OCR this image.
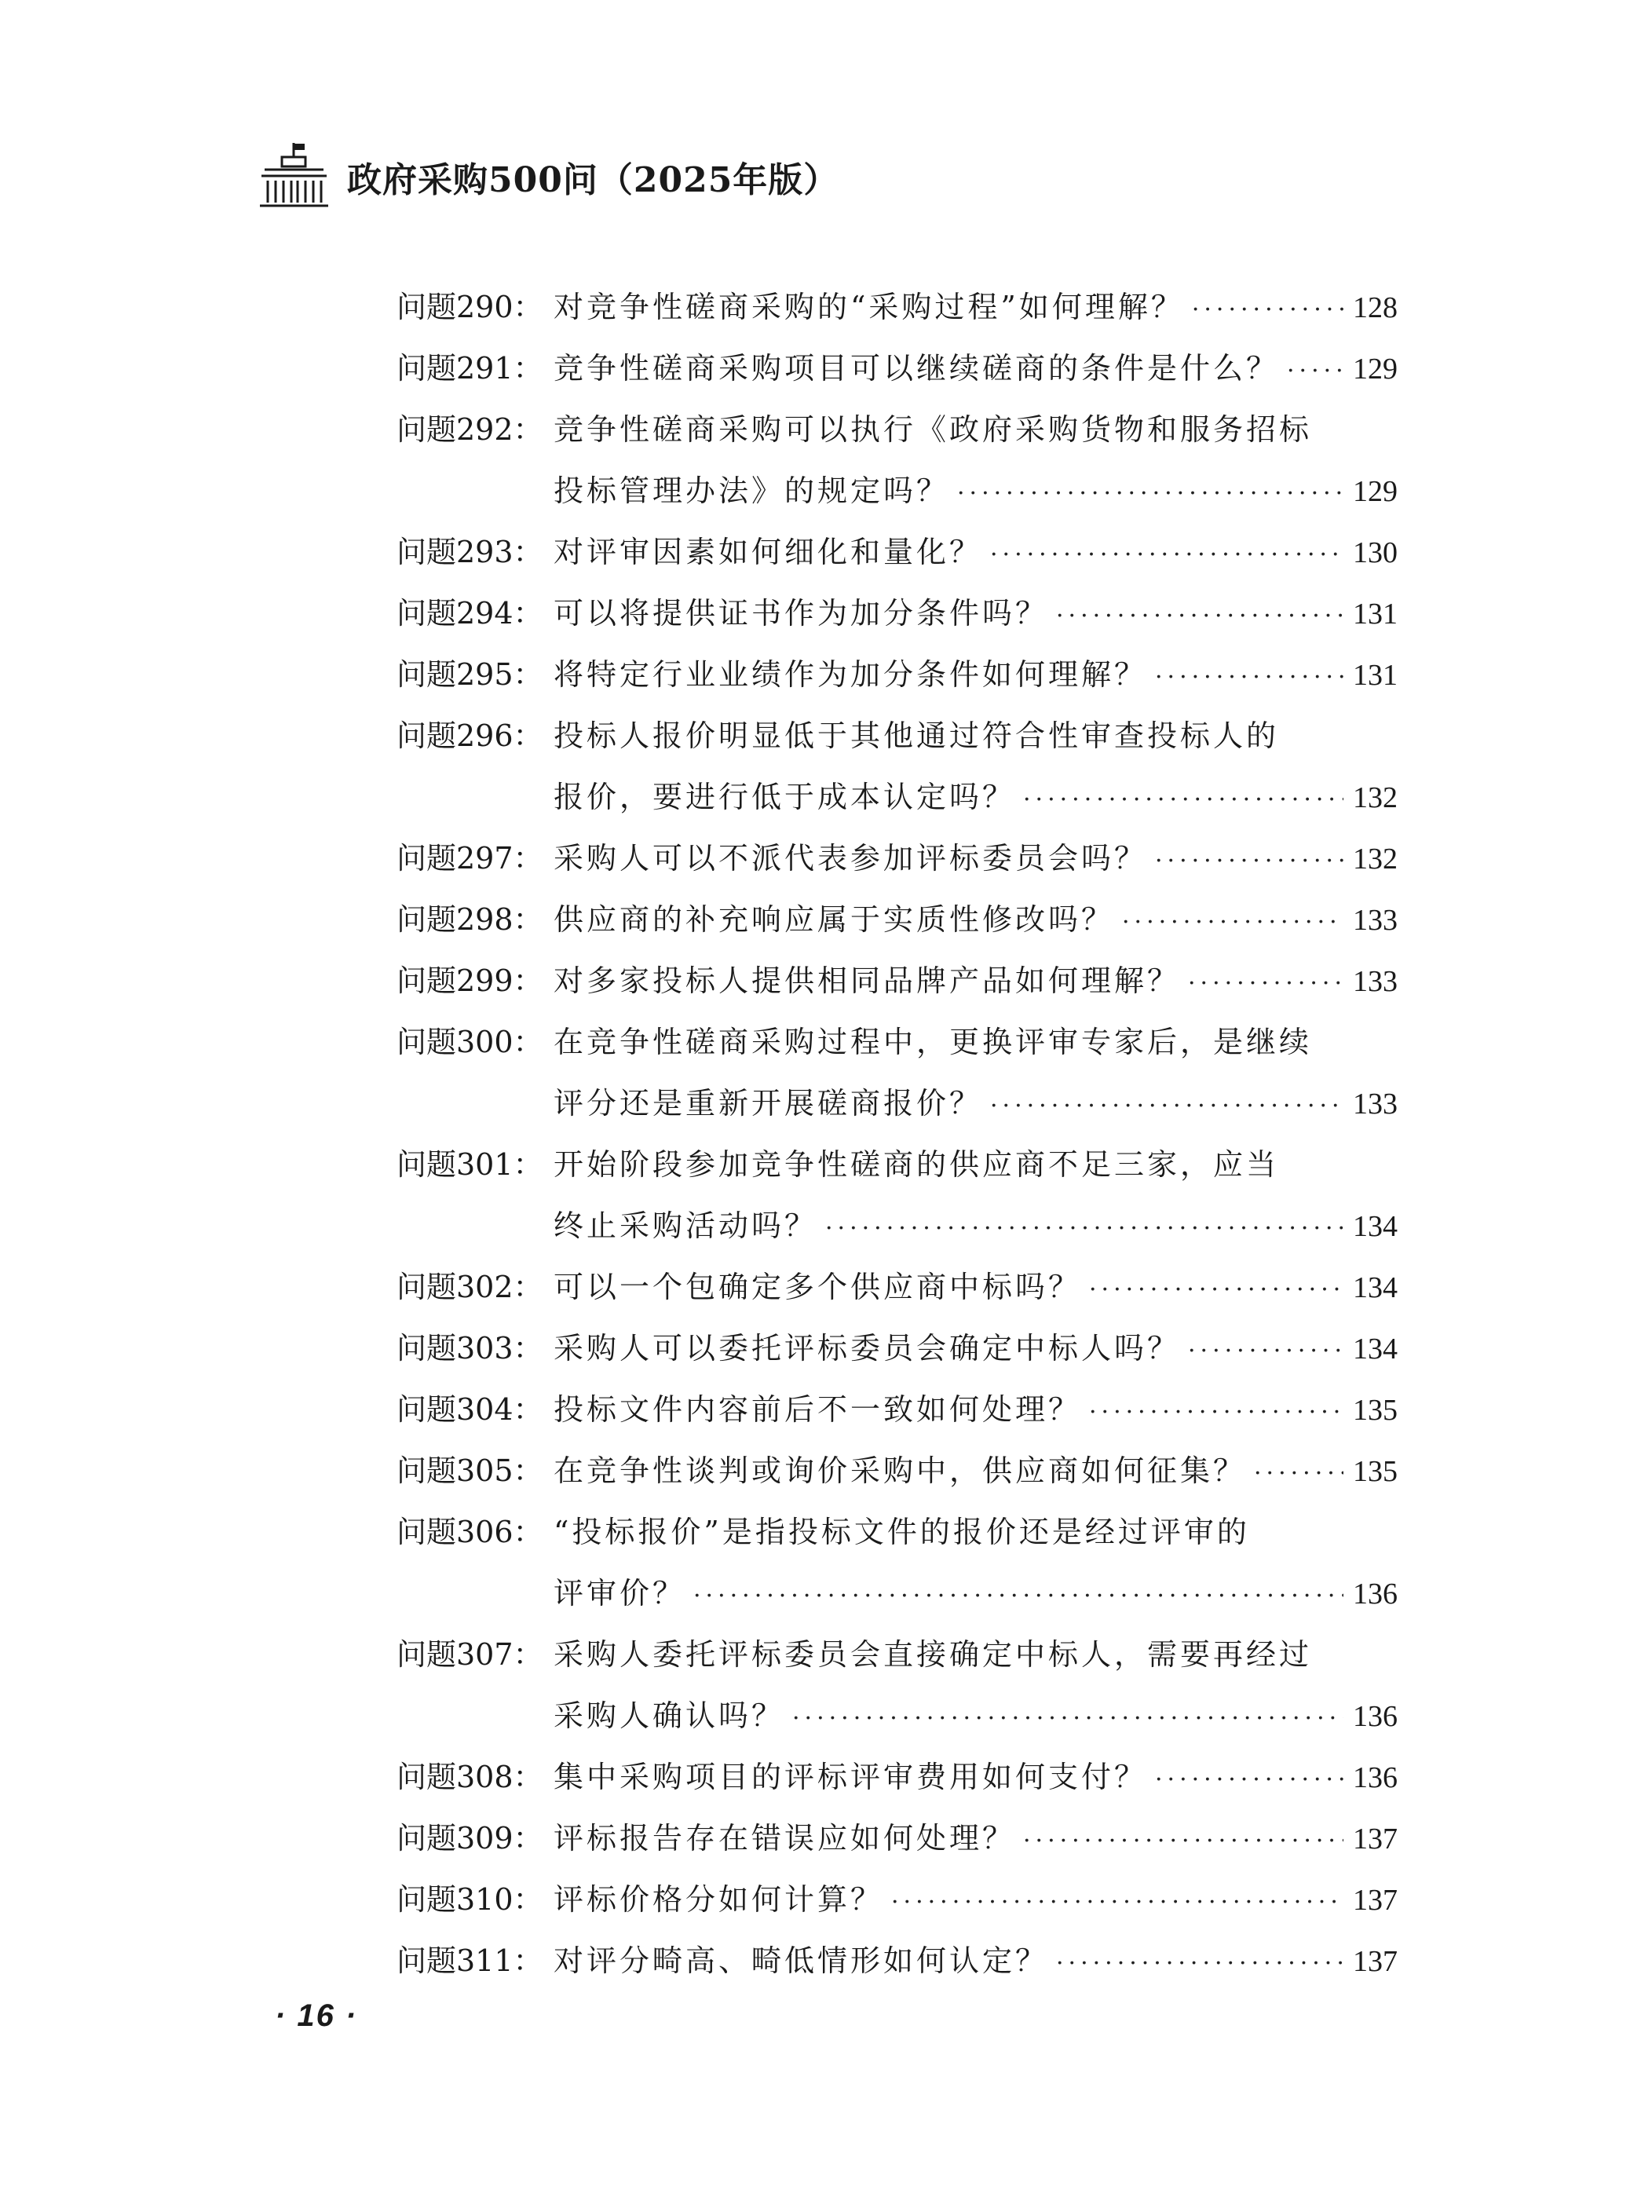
政府采购500问（2025年版）
问题290： 对竞争性磋商采购的“采购过程”如何理解？ ·····	128
问题291： 竞争性磋商采购项目可以继续磋商的条件是什么？ ····· 129
问题292： 竞争性磋商采购可以执行《政府采购货物和服务招标
投标管理办法》的规定吗？ ·····	129
问题293： 对评审因素如何细化和量化？ ·····	130
问题294： 可以将提供证书作为加分条件吗？ ·····	131
问题295： 将特定行业业绩作为加分条件如何理解？ ·····	131
问题296： 投标人报价明显低于其他通过符合性审查投标人的
报价，要进行低于成本认定吗？ ·····	132
问题297： 采购人可以不派代表参加评标委员会吗？ ·····	132
问题298： 供应商的补充响应属于实质性修改吗？ ·····	133
问题299： 对多家投标人提供相同品牌产品如何理解？ ·····	133
问题300： 在竞争性磋商采购过程中，更换评审专家后，是继续
评分还是重新开展磋商报价？ ·····	133
问题301： 开始阶段参加竞争性磋商的供应商不足三家，应当
终止采购活动吗？ ·····	134
问题302： 可以一个包确定多个供应商中标吗？ ·····	134
问题303： 采购人可以委托评标委员会确定中标人吗？ ·····	134
问题304： 投标文件内容前后不一致如何处理？ ·····	135
问题305： 在竞争性谈判或询价采购中，供应商如何征集？ ·····	135
问题306： “投标报价”是指投标文件的报价还是经过评审的
评审价？ ·····	136
问题307： 采购人委托评标委员会直接确定中标人，需要再经过
采购人确认吗？ ·····	136
问题308： 集中采购项目的评标评审费用如何支付？ ·····	136
问题309： 评标报告存在错误应如何处理？ ·····	137
问题310： 评标价格分如何计算？ ·····	137
问题311： 对评分畸高、畸低情形如何认定？ ·····	137
· 16 ·
